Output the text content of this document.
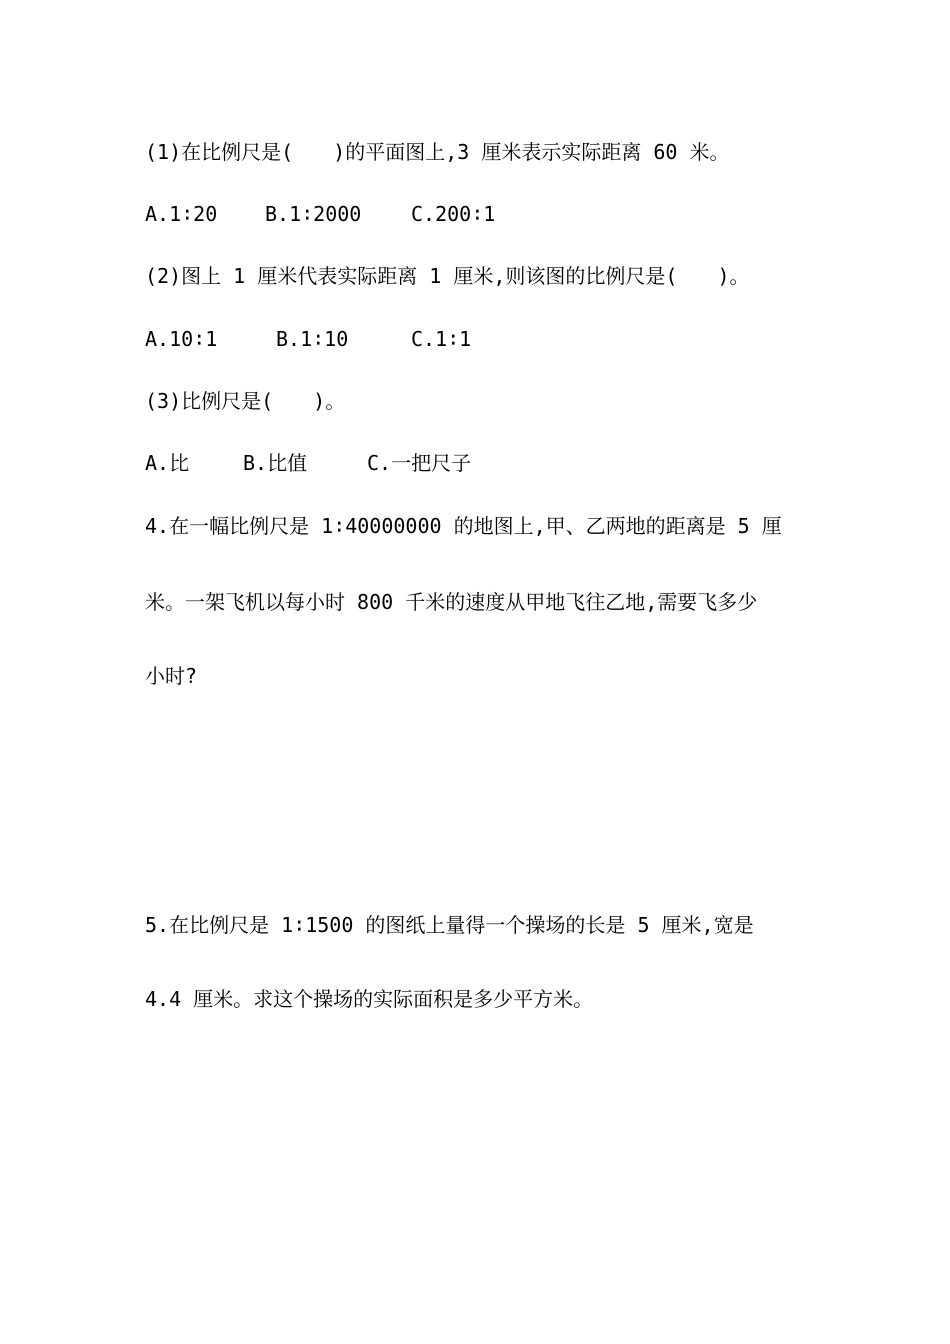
(1)在比例尺是(　　)的平面图上,3 厘米表示实际距离 60 米。
A.1∶20 B.1∶2000 C.200∶1
(2)图上 1 厘米代表实际距离 1 厘米,则该图的比例尺是(　　)。
A.10∶1	B.1∶10	C.1∶1
(3)比例尺是(　　)。
A.比	B.比值	C.一把尺子
4.在一幅比例尺是 1∶40000000 的地图上,甲、乙两地的距离是 5 厘
米。一架飞机以每小时 800 千米的速度从甲地飞往乙地,需要飞多少
小时?
5.在比例尺是 1∶1500 的图纸上量得一个操场的长是 5 厘米,宽是
4.4 厘米。求这个操场的实际面积是多少平方米。
